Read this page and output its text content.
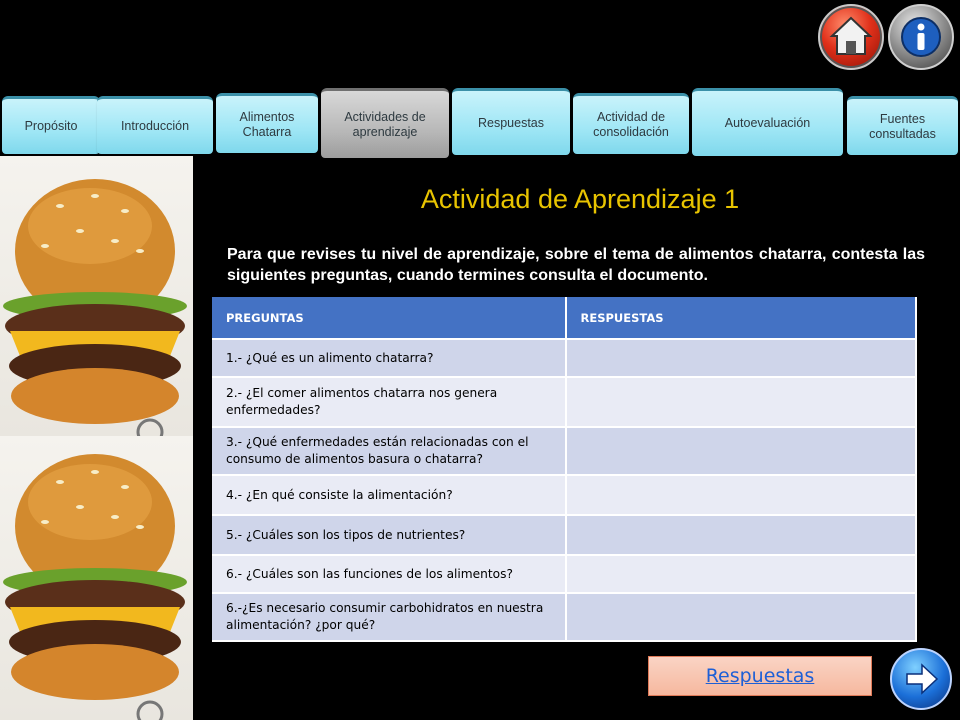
Propósito	Introducción
Alimentos Chatarra
Actividades de aprendizaje
Respuestas	Actividad de consolidación
Autoevaluación	Fuentes consultadas
Actividad de Aprendizaje 1
Para que revises tu nivel de aprendizaje, sobre el tema de alimentos chatarra, contesta las siguientes preguntas, cuando termines consulta el documento.
PREGUNTAS	RESPUESTAS
1.- ¿Qué es un alimento chatarra?	
2.- ¿El comer alimentos chatarra nos genera enfermedades?	
3.- ¿Qué enfermedades están relacionadas con el consumo de alimentos basura o chatarra?	
4.- ¿En qué consiste la alimentación?	
5.- ¿Cuáles son los tipos de nutrientes?	
6.- ¿Cuáles son las funciones de los alimentos?	
6.-¿Es necesario consumir carbohidratos en nuestra alimentación? ¿por qué?	
Respuestas
